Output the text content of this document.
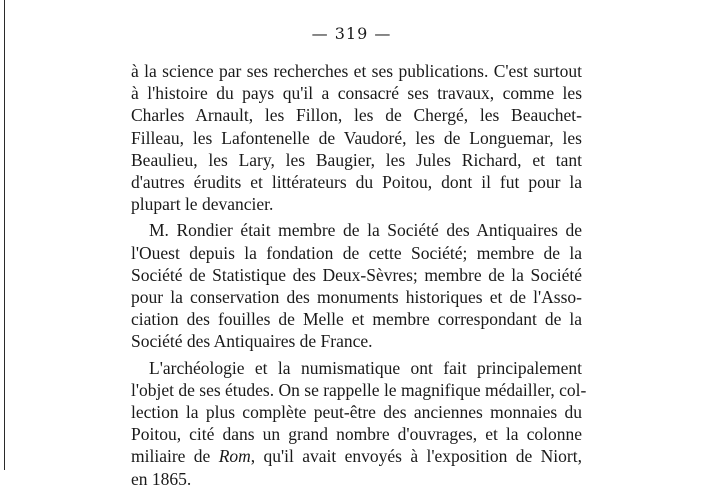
— 319 —

à la science par ses recherches et ses publications. C'est surtout
à l'histoire du pays qu'il a consacré ses travaux, comme les
Charles Arnault, les Fillon, les de Chergé, les Beauchet-
Filleau, les Lafontenelle de Vaudoré, les de Longuemar, les
Beaulieu, les Lary, les Baugier, les Jules Richard, et tant
d'autres érudits et littérateurs du Poitou, dont il fut pour la
plupart le devancier.

M. Rondier était membre de la Société des Antiquaires de
l'Ouest depuis la fondation de cette Société; membre de la
Société de Statistique des Deux-Sèvres; membre de la Société
pour la conservation des monuments historiques et de l'Asso-
ciation des fouilles de Melle et membre correspondant de la
Société des Antiquaires de France.

L'archéologie et la numismatique ont fait principalement
l'objet de ses études. On se rappelle le magnifique médailler, col-
lection la plus complète peut-être des anciennes monnaies du
Poitou, cité dans un grand nombre d'ouvrages, et la colonne
miliaire de Rom, qu'il avait envoyés à l'exposition de Niort,
en 1865.
